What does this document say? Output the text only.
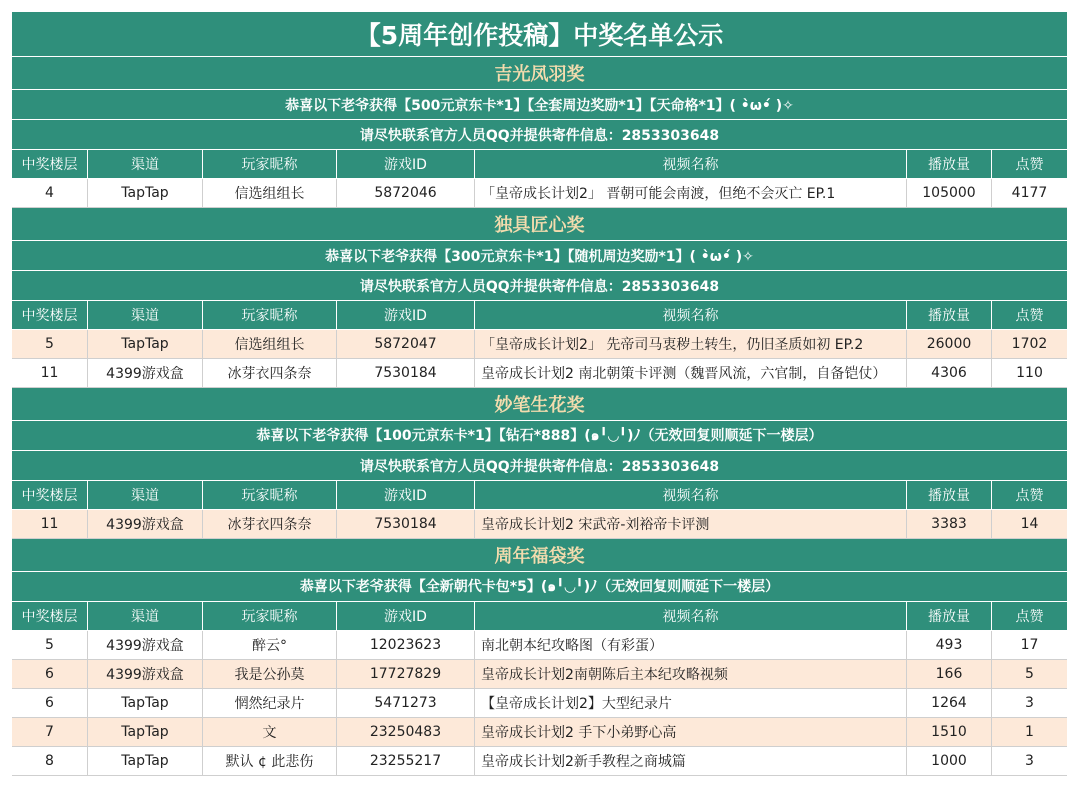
【5周年创作投稿】中奖名单公示
吉光凤羽奖
恭喜以下老爷获得【500元京东卡*1】【全套周边奖励*1】【天命格*1】( •̀ω•́ )✧
请尽快联系官方人员QQ并提供寄件信息：2853303648
中奖楼层	渠道	玩家昵称	游戏ID	视频名称	播放量	点赞
4	TapTap	信选组组长	5872046	「皇帝成长计划2」 晋朝可能会南渡，但绝不会灭亡 EP.1	105000	4177
独具匠心奖
恭喜以下老爷获得【300元京东卡*1】【随机周边奖励*1】( •̀ω•́ )✧
请尽快联系官方人员QQ并提供寄件信息：2853303648
中奖楼层	渠道	玩家昵称	游戏ID	视频名称	播放量	点赞
5	TapTap	信选组组长	5872047	「皇帝成长计划2」 先帝司马衷秽土转生，仍旧圣质如初 EP.2	26000	1702
11	4399游戏盒	冰芽衣四条奈	7530184	皇帝成长计划2 南北朝策卡评测（魏晋风流，六官制，自备铠仗）	4306	110
妙笔生花奖
恭喜以下老爷获得【100元京东卡*1】【钻石*888】(๑╹◡╹)ﾉ（无效回复则顺延下一楼层）
请尽快联系官方人员QQ并提供寄件信息：2853303648
中奖楼层	渠道	玩家昵称	游戏ID	视频名称	播放量	点赞
11	4399游戏盒	冰芽衣四条奈	7530184	皇帝成长计划2 宋武帝-刘裕帝卡评测	3383	14
周年福袋奖
恭喜以下老爷获得【全新朝代卡包*5】(๑╹◡╹)ﾉ（无效回复则顺延下一楼层）
中奖楼层	渠道	玩家昵称	游戏ID	视频名称	播放量	点赞
5	4399游戏盒	醉云°	12023623	南北朝本纪攻略图（有彩蛋）	493	17
6	4399游戏盒	我是公孙莫	17727829	皇帝成长计划2南朝陈后主本纪攻略视频	166	5
6	TapTap	惘然纪录片	5471273	【皇帝成长计划2】大型纪录片	1264	3
7	TapTap	文	23250483	皇帝成长计划2 手下小弟野心高	1510	1
8	TapTap	默认 ¢ 此悲伤	23255217	皇帝成长计划2新手教程之商城篇	1000	3
